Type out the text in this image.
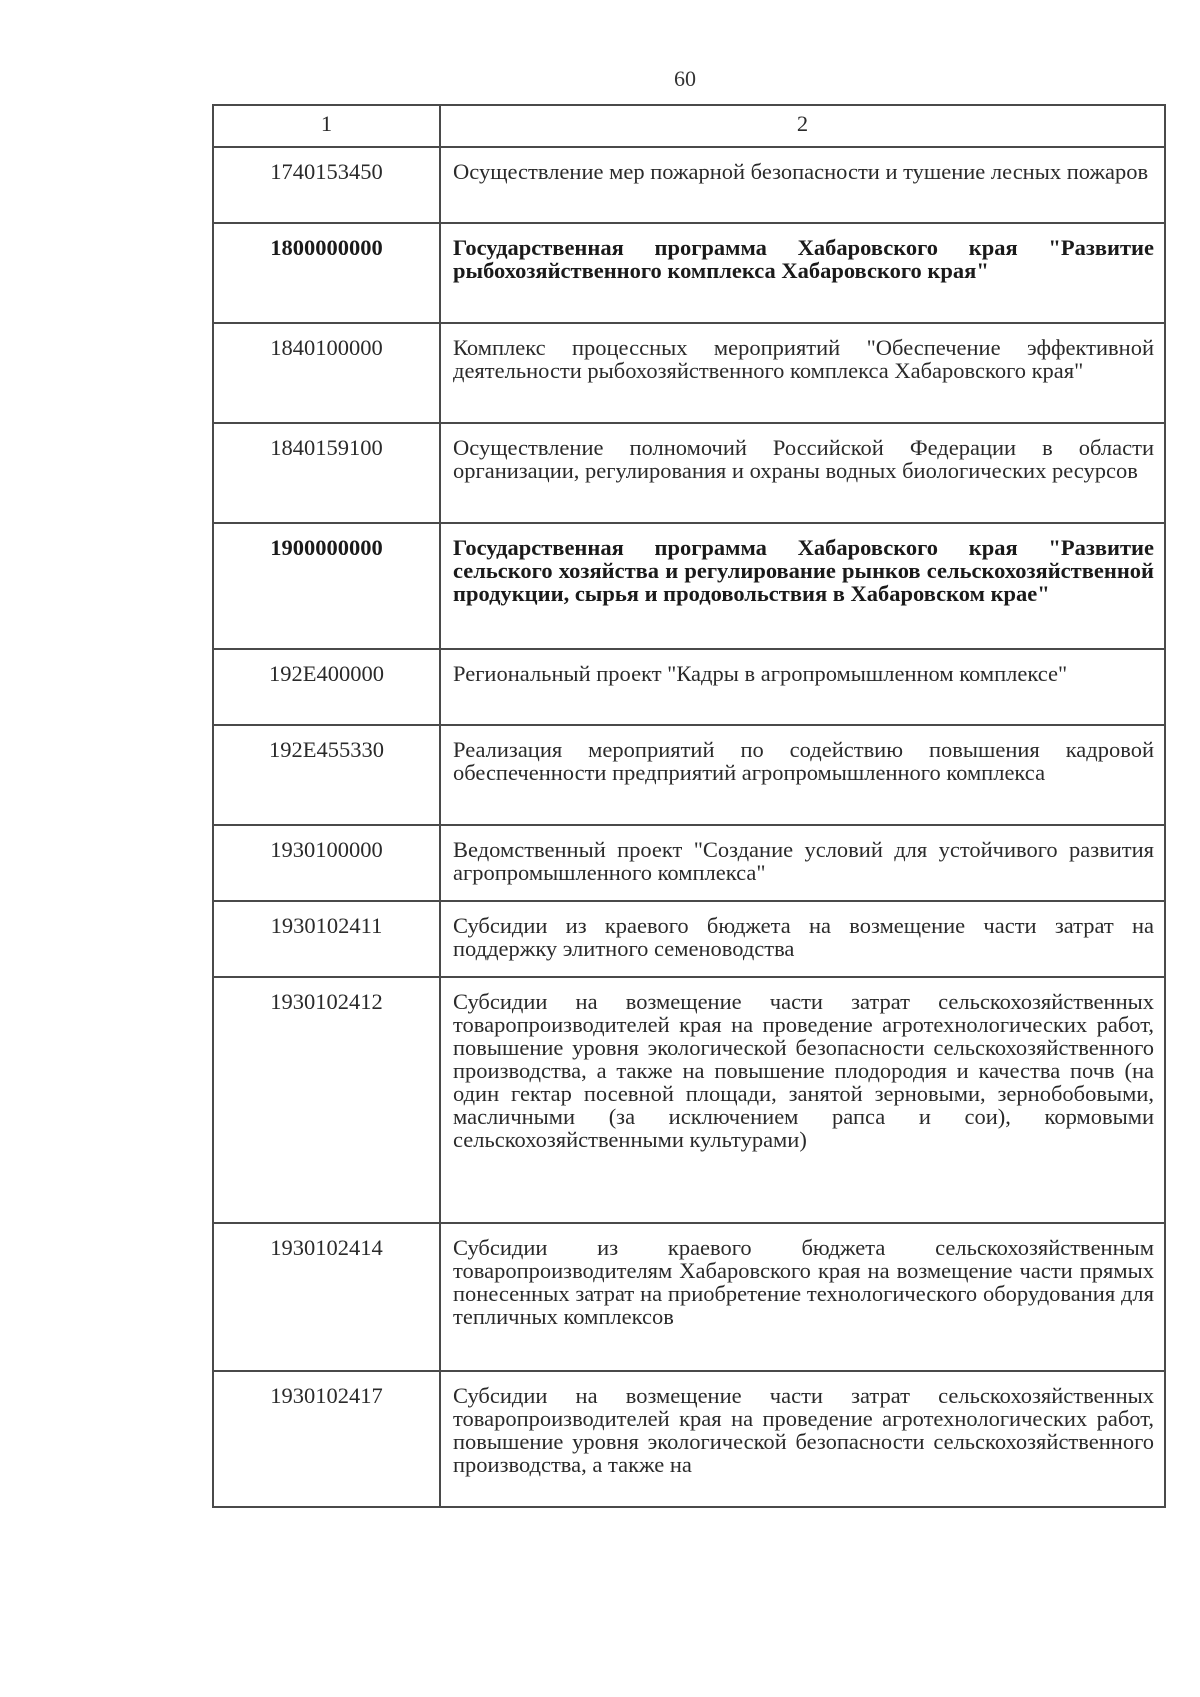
60
1	2
1740153450	Осуществление мер пожарной безопасности и тушение лесных пожаров
1800000000	Государственная программа Хабаровского края "Развитие рыбохозяйственного комплекса Хабаровского края"
1840100000	Комплекс процессных мероприятий "Обеспечение эффективной деятельности рыбохозяйственного комплекса Хабаровского края"
1840159100	Осуществление полномочий Российской Федерации в области организации, регулирования и охраны водных биологических ресурсов
1900000000	Государственная программа Хабаровского края "Развитие сельского хозяйства и регулирование рынков сельскохозяйственной продукции, сырья и продовольствия в Хабаровском крае"
192E400000	Региональный проект "Кадры в агропромышленном комплексе"
192E455330	Реализация мероприятий по содействию повышения кадровой обеспеченности предприятий агропромышленного комплекса
1930100000	Ведомственный проект "Создание условий для устойчивого развития агропромышленного комплекса"
1930102411	Субсидии из краевого бюджета на возмещение части затрат на поддержку элитного семеноводства
1930102412	Субсидии на возмещение части затрат сельскохозяйственных товаропроизводителей края на проведение агротехнологических работ, повышение уровня экологической безопасности сельскохозяйственного производства, а также на повышение плодородия и качества почв (на один гектар посевной площади, занятой зерновыми, зернобобовыми, масличными (за исключением рапса и сои), кормовыми сельскохозяйственными культурами)
1930102414	Субсидии из краевого бюджета сельскохозяйственным товаропроизводителям Хабаровского края на возмещение части прямых понесенных затрат на приобретение технологического оборудования для тепличных комплексов
1930102417	Субсидии на возмещение части затрат сельскохозяйственных товаропроизводителей края на проведение агротехнологических работ, повышение уровня экологической безопасности сельскохозяйственного производства, а также на
